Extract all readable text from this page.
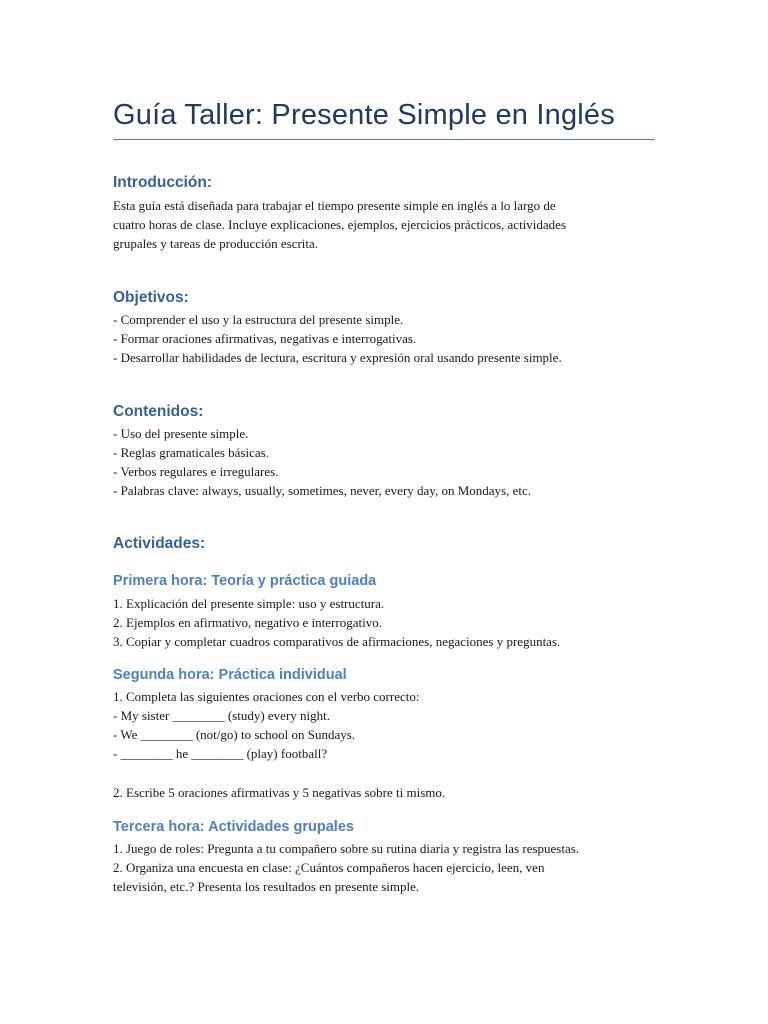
Guía Taller: Presente Simple en Inglés
Introducción:
Esta guía está diseñada para trabajar el tiempo presente simple en inglés a lo largo de
cuatro horas de clase. Incluye explicaciones, ejemplos, ejercicios prácticos, actividades
grupales y tareas de producción escrita.
Objetivos:
- Comprender el uso y la estructura del presente simple.
- Formar oraciones afirmativas, negativas e interrogativas.
- Desarrollar habilidades de lectura, escritura y expresión oral usando presente simple.
Contenidos:
- Uso del presente simple.
- Reglas gramaticales básicas.
- Verbos regulares e irregulares.
- Palabras clave: always, usually, sometimes, never, every day, on Mondays, etc.
Actividades:
Primera hora: Teoría y práctica guiada
1. Explicación del presente simple: uso y estructura.
2. Ejemplos en afirmativo, negativo e interrogativo.
3. Copiar y completar cuadros comparativos de afirmaciones, negaciones y preguntas.
Segunda hora: Práctica individual
1. Completa las siguientes oraciones con el verbo correcto:
- My sister ________ (study) every night.
- We ________ (not/go) to school on Sundays.
- ________ he ________ (play) football?
2. Escribe 5 oraciones afirmativas y 5 negativas sobre ti mismo.
Tercera hora: Actividades grupales
1. Juego de roles: Pregunta a tu compañero sobre su rutina diaria y registra las respuestas.
2. Organiza una encuesta en clase: ¿Cuántos compañeros hacen ejercicio, leen, ven
televisión, etc.? Presenta los resultados en presente simple.
